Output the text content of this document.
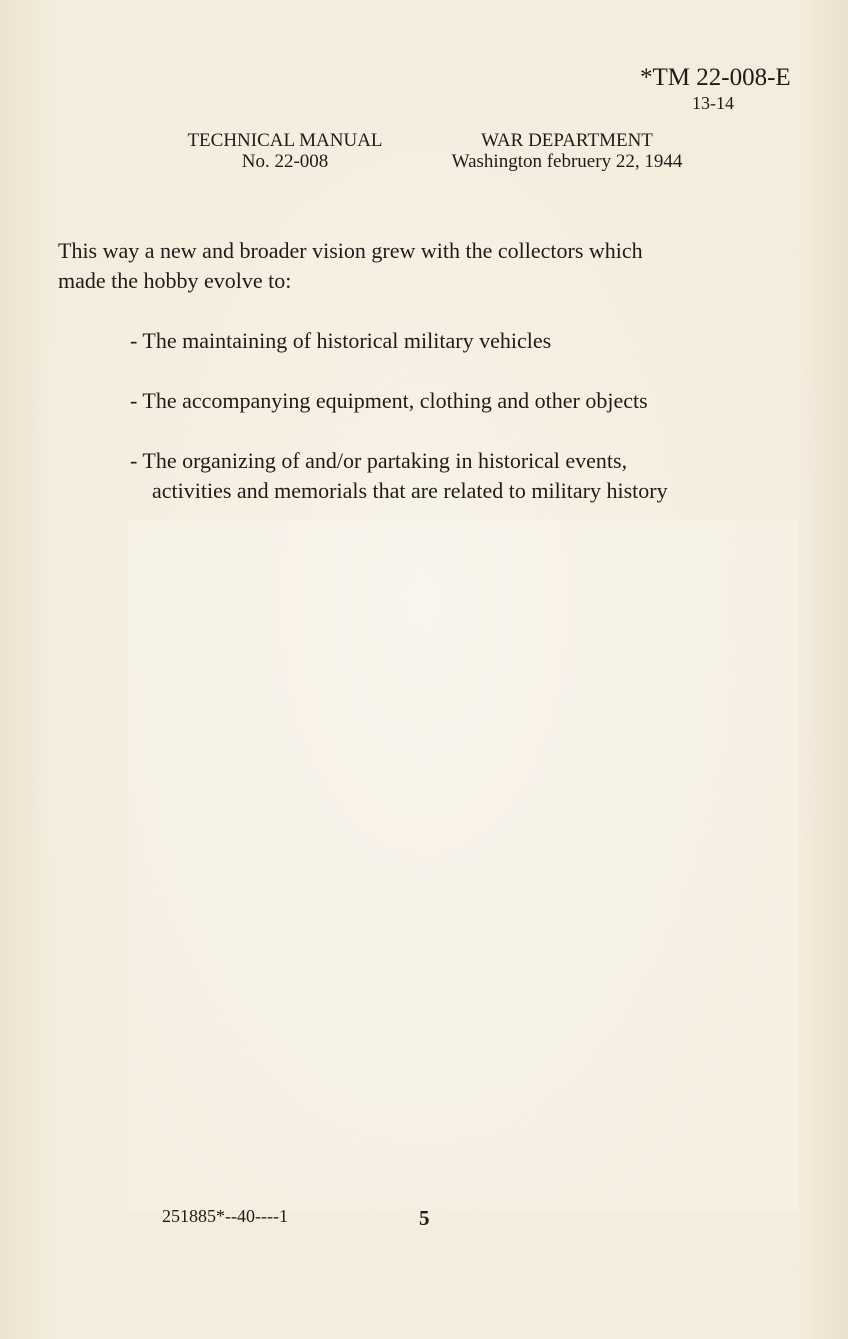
*TM 22-008-E
13-14
TECHNICAL MANUAL
No. 22-008
WAR DEPARTMENT
Washington februery 22, 1944
This way a new and broader vision grew with the collectors which
made the hobby evolve to:
- The maintaining of historical military vehicles
- The accompanying equipment, clothing and other objects
- The organizing of and/or partaking in historical events,
activities and memorials that are related to military history
251885*--40----1	5
